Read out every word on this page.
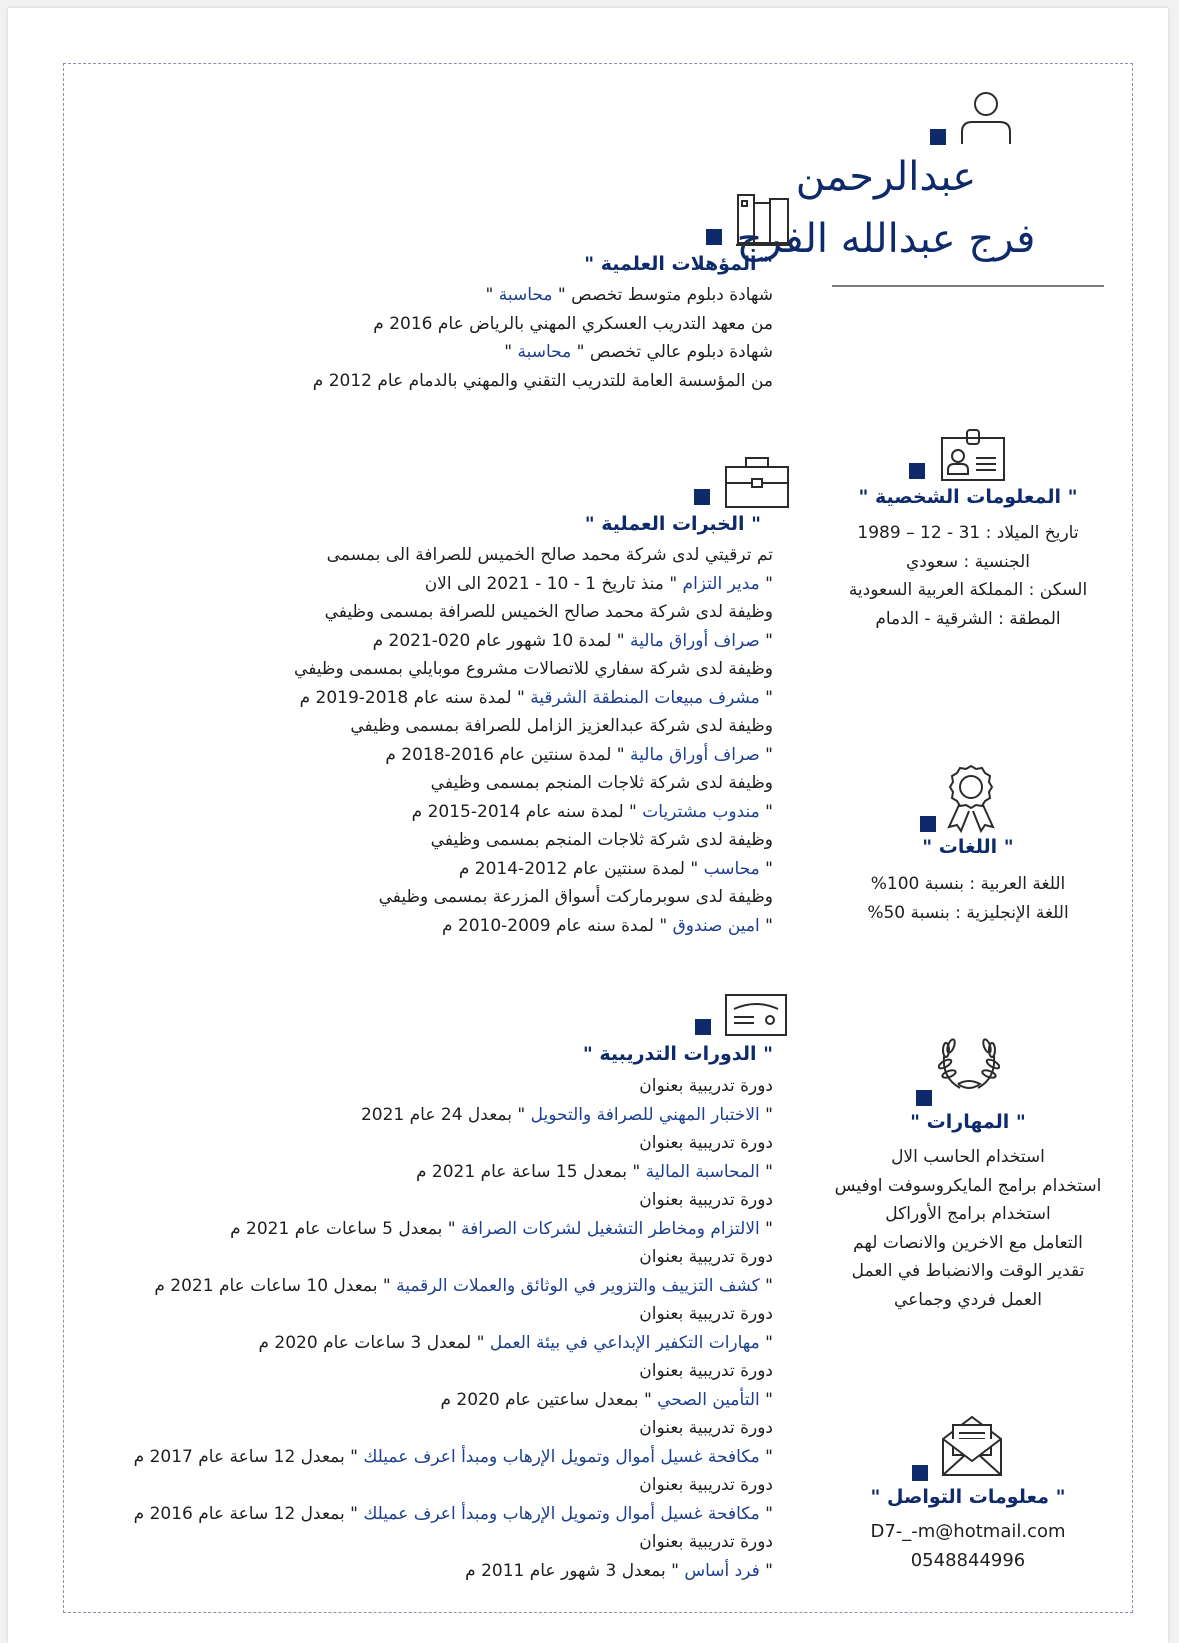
عبدالرحمن
فرج عبدالله الفرج
" المؤهلات العلمية "
شهادة دبلوم متوسط تخصص " محاسبة "
من معهد التدريب العسكري المهني بالرياض عام 2016 م
شهادة دبلوم عالي تخصص " محاسبة "
من المؤسسة العامة للتدريب التقني والمهني بالدمام عام 2012 م
" الخبرات العملية "
تم ترقيتي لدى شركة محمد صالح الخميس للصرافة الى بمسمى
" مدير التزام " منذ تاريخ 1 - 10 - 2021 الى الان
وظيفة لدى شركة محمد صالح الخميس للصرافة بمسمى وظيفي
" صراف أوراق مالية " لمدة 10 شهور عام 020-2021 م
وظيفة لدى شركة سفاري للاتصالات مشروع موبايلي بمسمى وظيفي
" مشرف مبيعات المنطقة الشرقية " لمدة سنه عام 2018-2019 م
وظيفة لدى شركة عبدالعزيز الزامل للصرافة بمسمى وظيفي
" صراف أوراق مالية " لمدة سنتين عام 2016-2018 م
وظيفة لدى شركة ثلاجات المنجم بمسمى وظيفي
" مندوب مشتريات " لمدة سنه عام 2014-2015 م
وظيفة لدى شركة ثلاجات المنجم بمسمى وظيفي
" محاسب " لمدة سنتين عام 2012-2014 م
وظيفة لدى سوبرماركت أسواق المزرعة بمسمى وظيفي
" امين صندوق " لمدة سنه عام 2009-2010 م
" الدورات التدريبية "
دورة تدريبية بعنوان
" الاختبار المهني للصرافة والتحويل " بمعدل 24 عام 2021
دورة تدريبية بعنوان
" المحاسبة المالية " بمعدل 15 ساعة عام 2021 م
دورة تدريبية بعنوان
" الالتزام ومخاطر التشغيل لشركات الصرافة " بمعدل 5 ساعات عام 2021 م
دورة تدريبية بعنوان
" كشف التزييف والتزوير في الوثائق والعملات الرقمية " بمعدل 10 ساعات عام 2021 م
دورة تدريبية بعنوان
" مهارات التكفير الإبداعي في بيئة العمل " لمعدل 3 ساعات عام 2020 م
دورة تدريبية بعنوان
" التأمين الصحي " بمعدل ساعتين عام 2020 م
دورة تدريبية بعنوان
" مكافحة غسيل أموال وتمويل الإرهاب ومبدأ اعرف عميلك " بمعدل 12 ساعة عام 2017 م
دورة تدريبية بعنوان
" مكافحة غسيل أموال وتمويل الإرهاب ومبدأ اعرف عميلك " بمعدل 12 ساعة عام 2016 م
دورة تدريبية بعنوان
" فرد أساس " بمعدل 3 شهور عام 2011 م
" المعلومات الشخصية "
تاريخ الميلاد : 31 - 12 – 1989
الجنسية : سعودي
السكن : المملكة العربية السعودية
المطقة : الشرقية - الدمام
" اللغات "
اللغة العربية : بنسبة 100%
اللغة الإنجليزية : بنسبة 50%
" المهارات "
استخدام الحاسب الال
استخدام برامج المايكروسوفت اوفيس
استخدام برامج الأوراكل
التعامل مع الاخرين والانصات لهم
تقدير الوقت والانضباط في العمل
العمل فردي وجماعي
" معلومات التواصل "
D7-_-m@hotmail.com
0548844996
